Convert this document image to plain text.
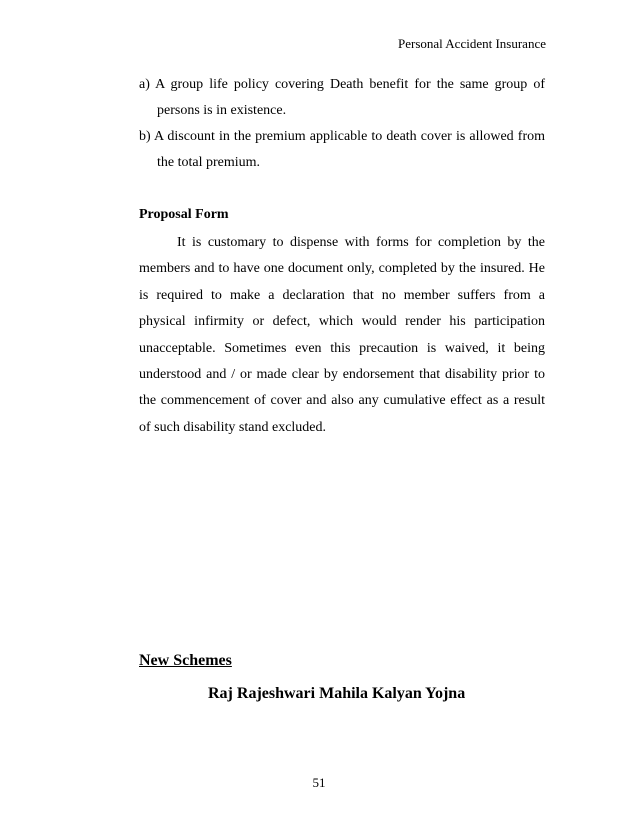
Personal Accident Insurance

a) A group life policy covering Death benefit for the same group of persons is in existence.

b) A discount in the premium applicable to death cover is allowed from the total premium.

Proposal Form

It is customary to dispense with forms for completion by the members and to have one document only, completed by the insured. He is required to make a declaration that no member suffers from a physical infirmity or defect, which would render his participation unacceptable. Sometimes even this precaution is waived, it being understood and / or made clear by endorsement that disability prior to the commencement of cover and also any cumulative effect as a result of such disability stand excluded.

New Schemes
Raj Rajeshwari Mahila Kalyan Yojna
51
